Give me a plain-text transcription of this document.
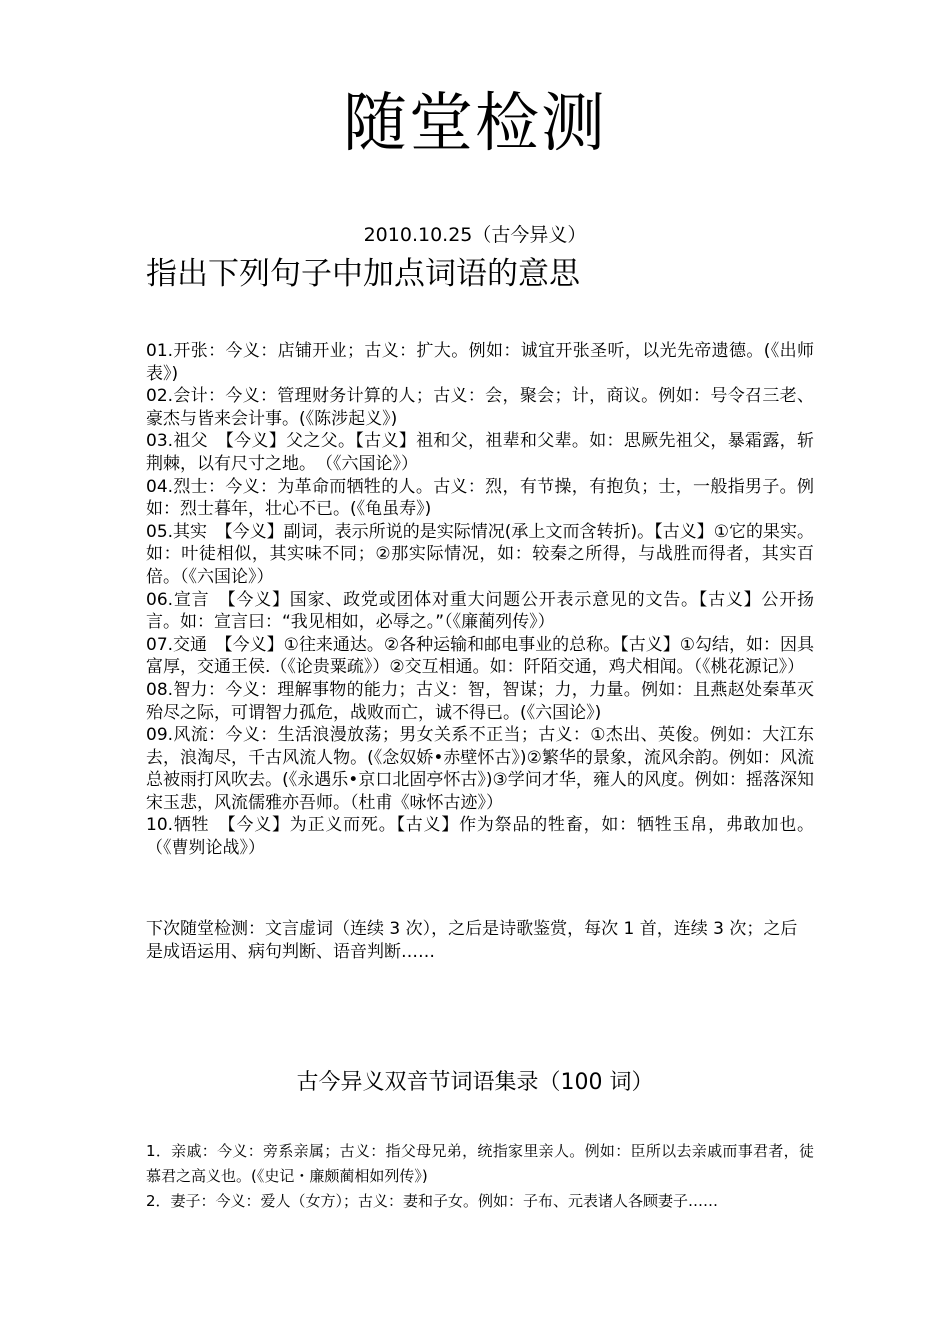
随堂检测
2010.10.25（古今异义）
指出下列句子中加点词语的意思

01.开张：今义：店铺开业；古义：扩大。例如：诚宜开张圣听，以光先帝遗德。(《出师表》)

02.会计：今义：管理财务计算的人；古义：会，聚会；计，商议。例如：号令召三老、豪杰与皆来会计事。(《陈涉起义》)

03.祖父　【今义】父之父。【古义】祖和父，祖辈和父辈。如：思厥先祖父，暴霜露，斩荆棘，以有尺寸之地。　（《六国论》）

04.烈士：今义：为革命而牺牲的人。古义：烈，有节操，有抱负；士，一般指男子。例如：烈士暮年，壮心不已。(《龟虽寿》)

05.其实　【今义】副词，表示所说的是实际情况(承上文而含转折)。【古义】①它的果实。如：叶徒相似，其实味不同；②那实际情况，如：较秦之所得，与战胜而得者，其实百倍。（《六国论》）

06.宣言　【今义】国家、政党或团体对重大问题公开表示意见的文告。【古义】公开扬言。如：宣言曰：“我见相如，必辱之。”（《廉蔺列传》）

07.交通　【今义】①往来通达。②各种运输和邮电事业的总称。【古义】①勾结，如：因具富厚，交通王侯.（《论贵粟疏》）②交互相通。如：阡陌交通，鸡犬相闻。（《桃花源记》）

08.智力：今义：理解事物的能力；古义：智，智谋；力，力量。例如：且燕赵处秦革灭殆尽之际，可谓智力孤危，战败而亡，诚不得已。(《六国论》)

09.风流：今义：生活浪漫放荡；男女关系不正当；古义：①杰出、英俊。例如：大江东去，浪淘尽，千古风流人物。(《念奴娇•赤壁怀古》)②繁华的景象，流风余韵。例如：风流总被雨打风吹去。(《永遇乐•京口北固亭怀古》)③学问才华，雍人的风度。例如：摇落深知宋玉悲，风流儒雅亦吾师。（杜甫《咏怀古迹》）

10.牺牲　【今义】为正义而死。【古义】作为祭品的牲畜，如：牺牲玉帛，弗敢加也。（《曹刿论战》）

下次随堂检测：文言虚词（连续 3 次），之后是诗歌鉴赏，每次 1 首，连续 3 次；之后是成语运用、病句判断、语音判断……
古今异义双音节词语集录（100 词）

1．亲戚：今义：旁系亲属；古义：指父母兄弟，统指家里亲人。例如：臣所以去亲戚而事君者，徒慕君之高义也。(《史记・廉颇蔺相如列传》)

2．妻子：今义：爱人（女方）；古义：妻和子女。例如：子布、元表诸人各顾妻子……
